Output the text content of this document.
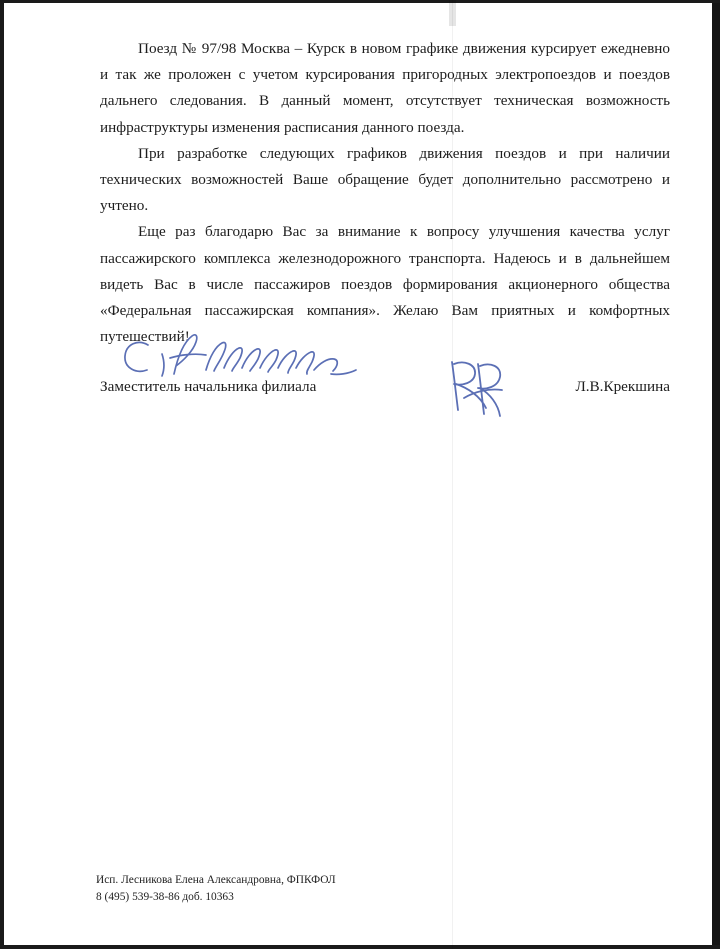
Поезд № 97/98 Москва – Курск в новом графике движения курсирует ежедневно и так же проложен с учетом курсирования пригородных электропоездов и поездов дальнего следования. В данный момент, отсутствует техническая возможность инфраструктуры изменения расписания данного поезда.

При разработке следующих графиков движения поездов и при наличии технических возможностей Ваше обращение будет дополнительно рассмотрено и учтено.

Еще раз благодарю Вас за внимание к вопросу улучшения качества услуг пассажирского комплекса железнодорожного транспорта. Надеюсь и в дальнейшем видеть Вас в числе пассажиров поездов формирования акционерного общества «Федеральная пассажирская компания». Желаю Вам приятных и комфортных путешествий!

Заместитель начальника филиала	Л.В.Крекшина
Исп. Лесникова Елена Александровна, ФПКФОЛ
8 (495) 539-38-86 доб. 10363
